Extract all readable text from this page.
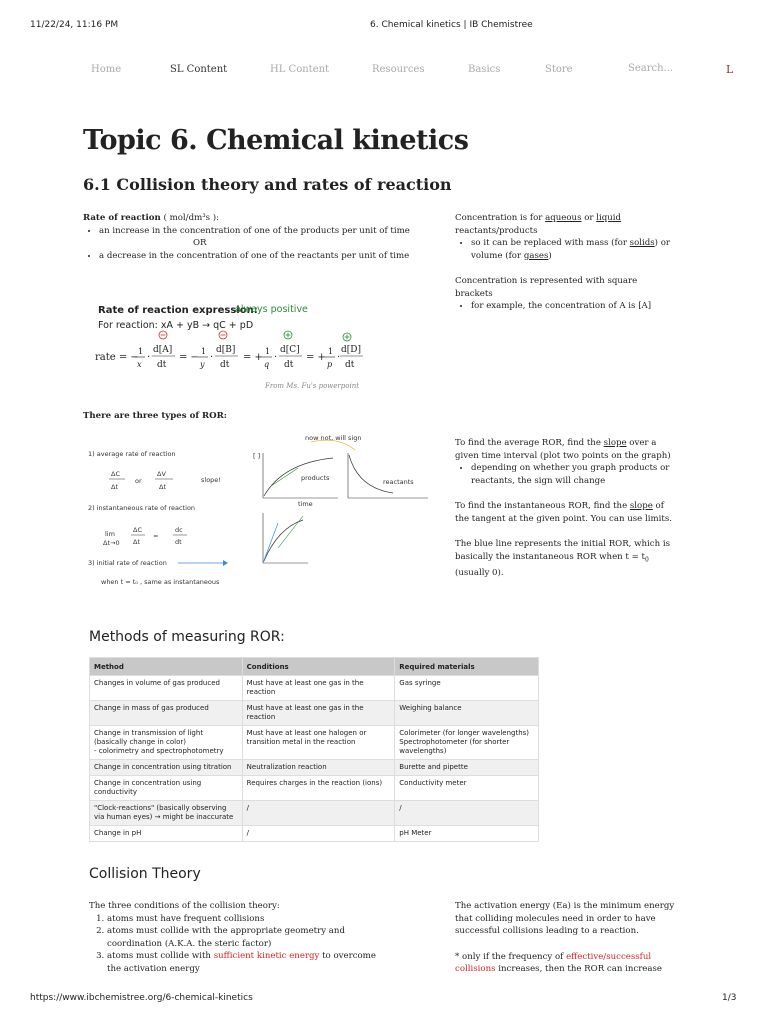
11/22/24, 11:16 PM	6. Chemical kinetics | IB Chemistree
Home	SL Content	HL Content	Resources	Basics	Store	Search...	L
Topic 6. Chemical kinetics
6.1 Collision theory and rates of reaction
Rate of reaction ( mol/dm³s ):
• an increase in the concentration of one of the products per unit of time
OR
• a decrease in the concentration of one of the reactants per unit of time
Concentration is for aqueous or liquid
reactants/products
• so it can be replaced with mass (for solids) or volume (for gases)
Concentration is represented with square brackets
• for example, the concentration of A is [A]
Rate of reaction expression:
always positive
For reaction: xA + yB → qC + pD
rate = −
1
x
·
d[A]
dt
= −
1
y
·
d[B]
dt
= +
1
q
·
d[C]
dt
= +
1
p
·
d[D]
dt
From Ms. Fu's powerpoint
There are three types of ROR:
1) average rate of reaction
ΔC
Δt
or
ΔV
Δt
slope!
2) instantaneous rate of reaction
lim
Δt→0
ΔC
Δt
=
dc
dt
3) initial rate of reaction
when t = t₀ , same as instantaneous
[ ]
products
time
now not, will sign
reactants
To find the average ROR, find the slope over a given time interval (plot two points on the graph)
• depending on whether you graph products or reactants, the sign will change
To find the instantaneous ROR, find the slope of the tangent at the given point. You can use limits.
The blue line represents the initial ROR, which is basically the instantaneous ROR when $t = t_0$ (usually 0).
Methods of measuring ROR:
Method	Conditions	Required materials
Changes in volume of gas produced	Must have at least one gas in the reaction	Gas syringe
Change in mass of gas produced	Must have at least one gas in the reaction	Weighing balance
Change in transmission of light (basically change in color)
- colorimetry and spectrophotometry	Must have at least one halogen or transition metal in the reaction	Colorimeter (for longer wavelengths)
Spectrophotometer (for shorter wavelengths)
Change in concentration using titration	Neutralization reaction	Burette and pipette
Change in concentration using conductivity	Requires charges in the reaction (ions)	Conductivity meter
"Clock-reactions" (basically observing via human eyes) → might be inaccurate	/	/
Change in pH	/	pH Meter
Collision Theory
The three conditions of the collision theory:
1. atoms must have frequent collisions
2. atoms must collide with the appropriate geometry and coordination (A.K.A. the steric factor)
3. atoms must collide with sufficient kinetic energy to overcome the activation energy
The activation energy (Ea) is the minimum energy that colliding molecules need in order to have successful collisions leading to a reaction.
* only if the frequency of effective/successful collisions increases, then the ROR can increase
https://www.ibchemistree.org/6-chemical-kinetics	1/3
